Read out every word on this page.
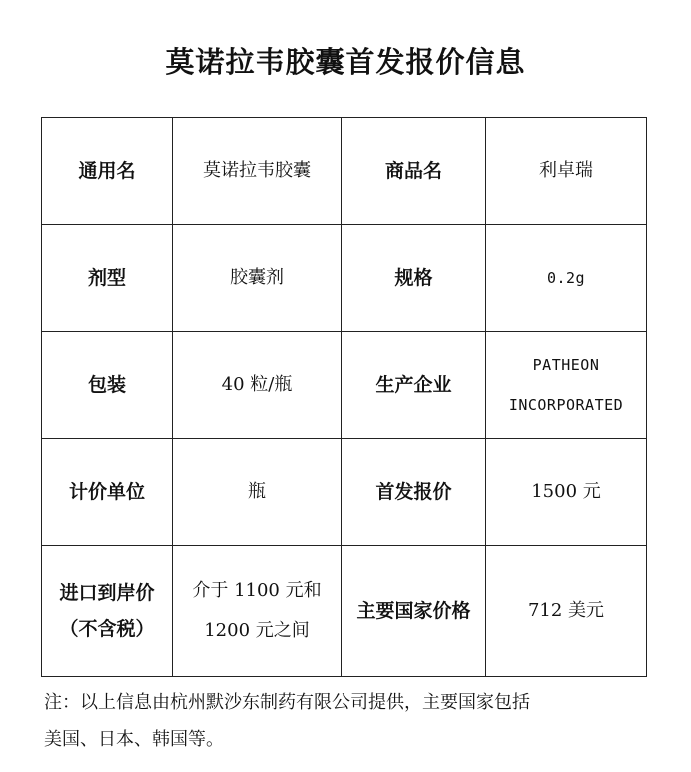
莫诺拉韦胶囊首发报价信息
通用名	莫诺拉韦胶囊	商品名	利卓瑞

剂型	胶囊剂	规格	0.2g

包装	40 粒/瓶	生产企业	PATHEON
INCORPORATED

计价单位	瓶	首发报价	1500 元

进口到岸价
（不含税）	介于 1100 元和
1200 元之间	主要国家价格	712 美元
注：以上信息由杭州默沙东制药有限公司提供，主要国家包括
美国、日本、韩国等。
